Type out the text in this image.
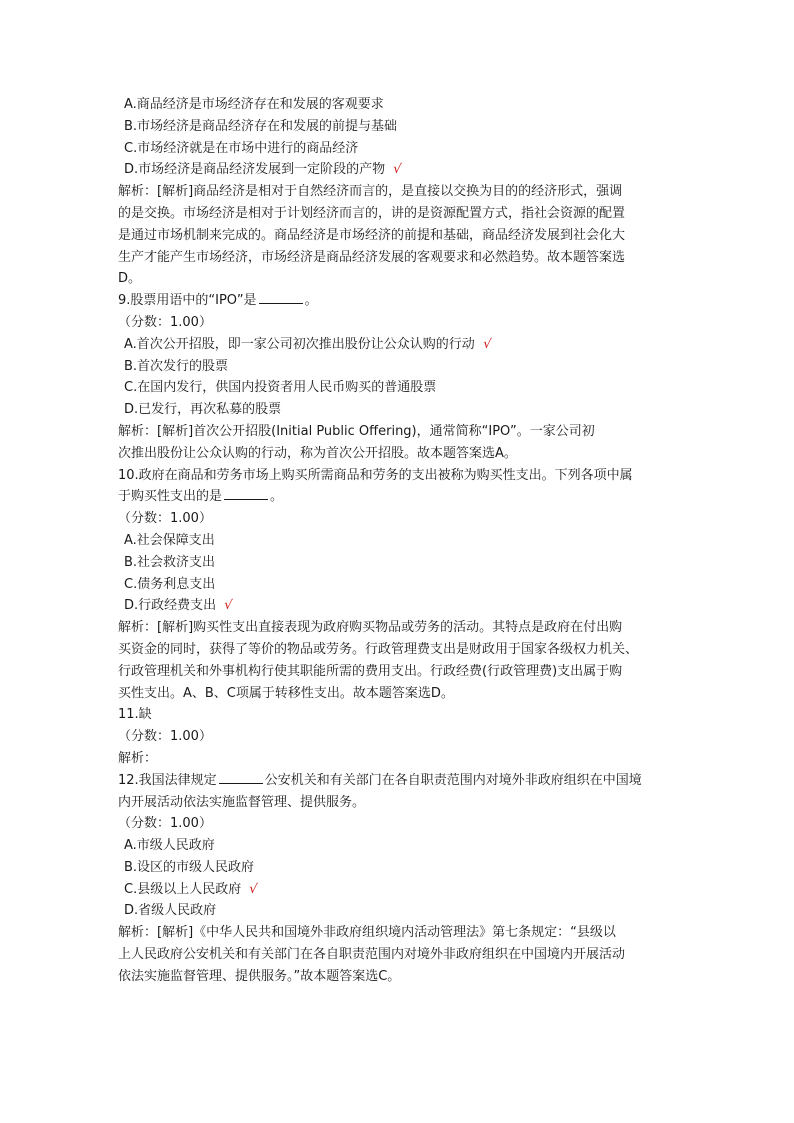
A.商品经济是市场经济存在和发展的客观要求
B.市场经济是商品经济存在和发展的前提与基础
C.市场经济就是在市场中进行的商品经济
D.市场经济是商品经济发展到一定阶段的产物 √
解析：[解析]商品经济是相对于自然经济而言的，是直接以交换为目的的经济形式，强调
的是交换。市场经济是相对于计划经济而言的，讲的是资源配置方式，指社会资源的配置
是通过市场机制来完成的。商品经济是市场经济的前提和基础，商品经济发展到社会化大
生产才能产生市场经济，市场经济是商品经济发展的客观要求和必然趋势。故本题答案选
D。
9.股票用语中的“IPO”是	。
（分数：1.00）
A.首次公开招股，即一家公司初次推出股份让公众认购的行动 √
B.首次发行的股票
C.在国内发行，供国内投资者用人民币购买的普通股票
D.已发行，再次私募的股票
解析：[解析]首次公开招股(Initial Public Offering)，通常简称“IPO”。一家公司初
次推出股份让公众认购的行动，称为首次公开招股。故本题答案选A。
10.政府在商品和劳务市场上购买所需商品和劳务的支出被称为购买性支出。下列各项中属
于购买性支出的是	。
（分数：1.00）
A.社会保障支出
B.社会救济支出
C.债务利息支出
D.行政经费支出 √
解析：[解析]购买性支出直接表现为政府购买物品或劳务的活动。其特点是政府在付出购
买资金的同时，获得了等价的物品或劳务。行政管理费支出是财政用于国家各级权力机关、
行政管理机关和外事机构行使其职能所需的费用支出。行政经费(行政管理费)支出属于购
买性支出。A、B、C项属于转移性支出。故本题答案选D。
11.缺
（分数：1.00）
解析：
12.我国法律规定	公安机关和有关部门在各自职责范围内对境外非政府组织在中国境
内开展活动依法实施监督管理、提供服务。
（分数：1.00）
A.市级人民政府
B.设区的市级人民政府
C.县级以上人民政府 √
D.省级人民政府
解析：[解析]《中华人民共和国境外非政府组织境内活动管理法》第七条规定：“县级以
上人民政府公安机关和有关部门在各自职责范围内对境外非政府组织在中国境内开展活动
依法实施监督管理、提供服务。”故本题答案选C。
